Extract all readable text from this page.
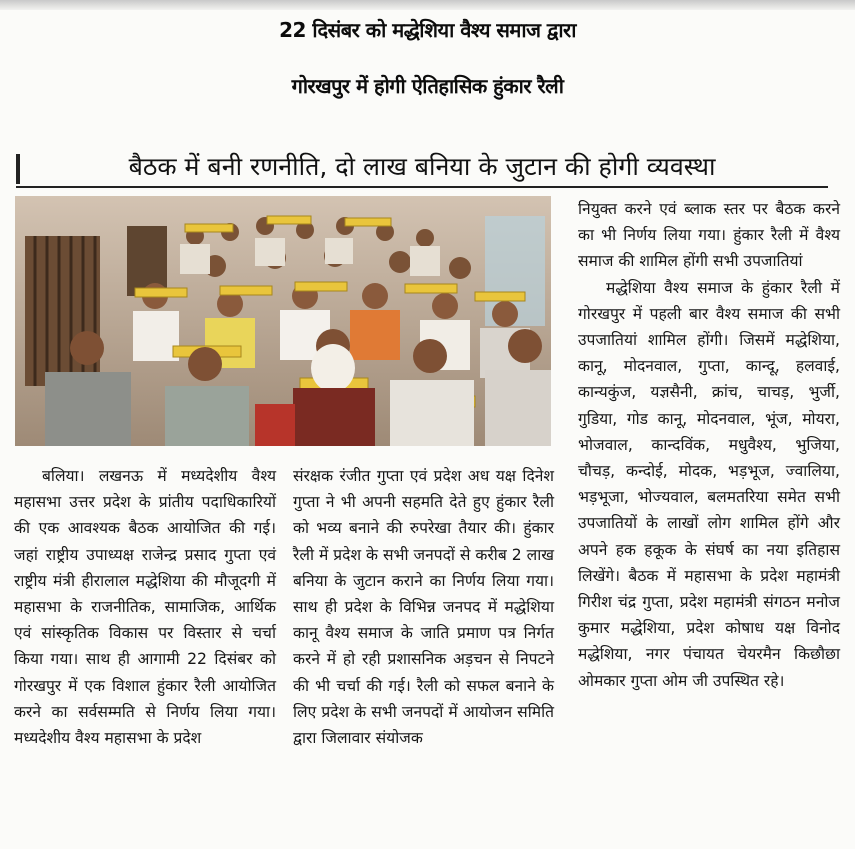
22 दिसंबर को मद्धेशिया वैश्य समाज द्वारा
गोरखपुर में होगी ऐतिहासिक हुंकार रैली
बैठक में बनी रणनीति, दो लाख बनिया के जुटान की होगी व्यवस्था

बलिया। लखनऊ में मध्यदेशीय वैश्य महासभा उत्तर प्रदेश के प्रांतीय पदाधिकारियों की एक आवश्यक बैठक आयोजित की गई। जहां राष्ट्रीय उपाध्यक्ष राजेन्द्र प्रसाद गुप्ता एवं राष्ट्रीय मंत्री हीरालाल मद्धेशिया की मौजूदगी में महासभा के राजनीतिक, सामाजिक, आर्थिक एवं सांस्कृतिक विकास पर विस्तार से चर्चा किया गया। साथ ही आगामी 22 दिसंबर को गोरखपुर में एक विशाल हुंकार रैली आयोजित करने का सर्वसम्मति से निर्णय लिया गया। मध्यदेशीय वैश्य महासभा के प्रदेश

संरक्षक रंजीत गुप्ता एवं प्रदेश अध यक्ष दिनेश गुप्ता ने भी अपनी सहमति देते हुए हुंकार रैली को भव्य बनाने की रुपरेखा तैयार की। हुंकार रैली में प्रदेश के सभी जनपदों से करीब 2 लाख बनिया के जुटान कराने का निर्णय लिया गया। साथ ही प्रदेश के विभिन्न जनपद में मद्धेशिया कानू वैश्य समाज के जाति प्रमाण पत्र निर्गत करने में हो रही प्रशासनिक अड़चन से निपटने की भी चर्चा की गई। रैली को सफल बनाने के लिए प्रदेश के सभी जनपदों में आयोजन समिति द्वारा जिलावार संयोजक

नियुक्त करने एवं ब्लाक स्तर पर बैठक करने का भी निर्णय लिया गया। हुंकार रैली में वैश्य समाज की शामिल होंगी सभी उपजातियां

मद्धेशिया वैश्य समाज के हुंकार रैली में गोरखपुर में पहली बार वैश्य समाज की सभी उपजातियां शामिल होंगी। जिसमें मद्धेशिया, कानू, मोदनवाल, गुप्ता, कान्दू, हलवाई, कान्यकुंज, यज्ञसैनी, क्रांच, चाचड़, भुर्जी, गुडिया, गोड कानू, मोदनवाल, भूंज, मोयरा, भोजवाल, कान्दविंक, मधुवैश्य, भुजिया, चौचड़, कन्दोई, मोदक, भड़भूज, ज्वालिया, भड़भूजा, भोज्यवाल, बलमतरिया समेत सभी उपजातियों के लाखों लोग शामिल होंगे और अपने हक हकूक के संघर्ष का नया इतिहास लिखेंगे। बैठक में महासभा के प्रदेश महामंत्री गिरीश चंद्र गुप्ता, प्रदेश महामंत्री संगठन मनोज कुमार मद्धेशिया, प्रदेश कोषाध यक्ष विनोद मद्धेशिया, नगर पंचायत चेयरमैन किछौछा ओमकार गुप्ता ओम जी उपस्थित रहे।
